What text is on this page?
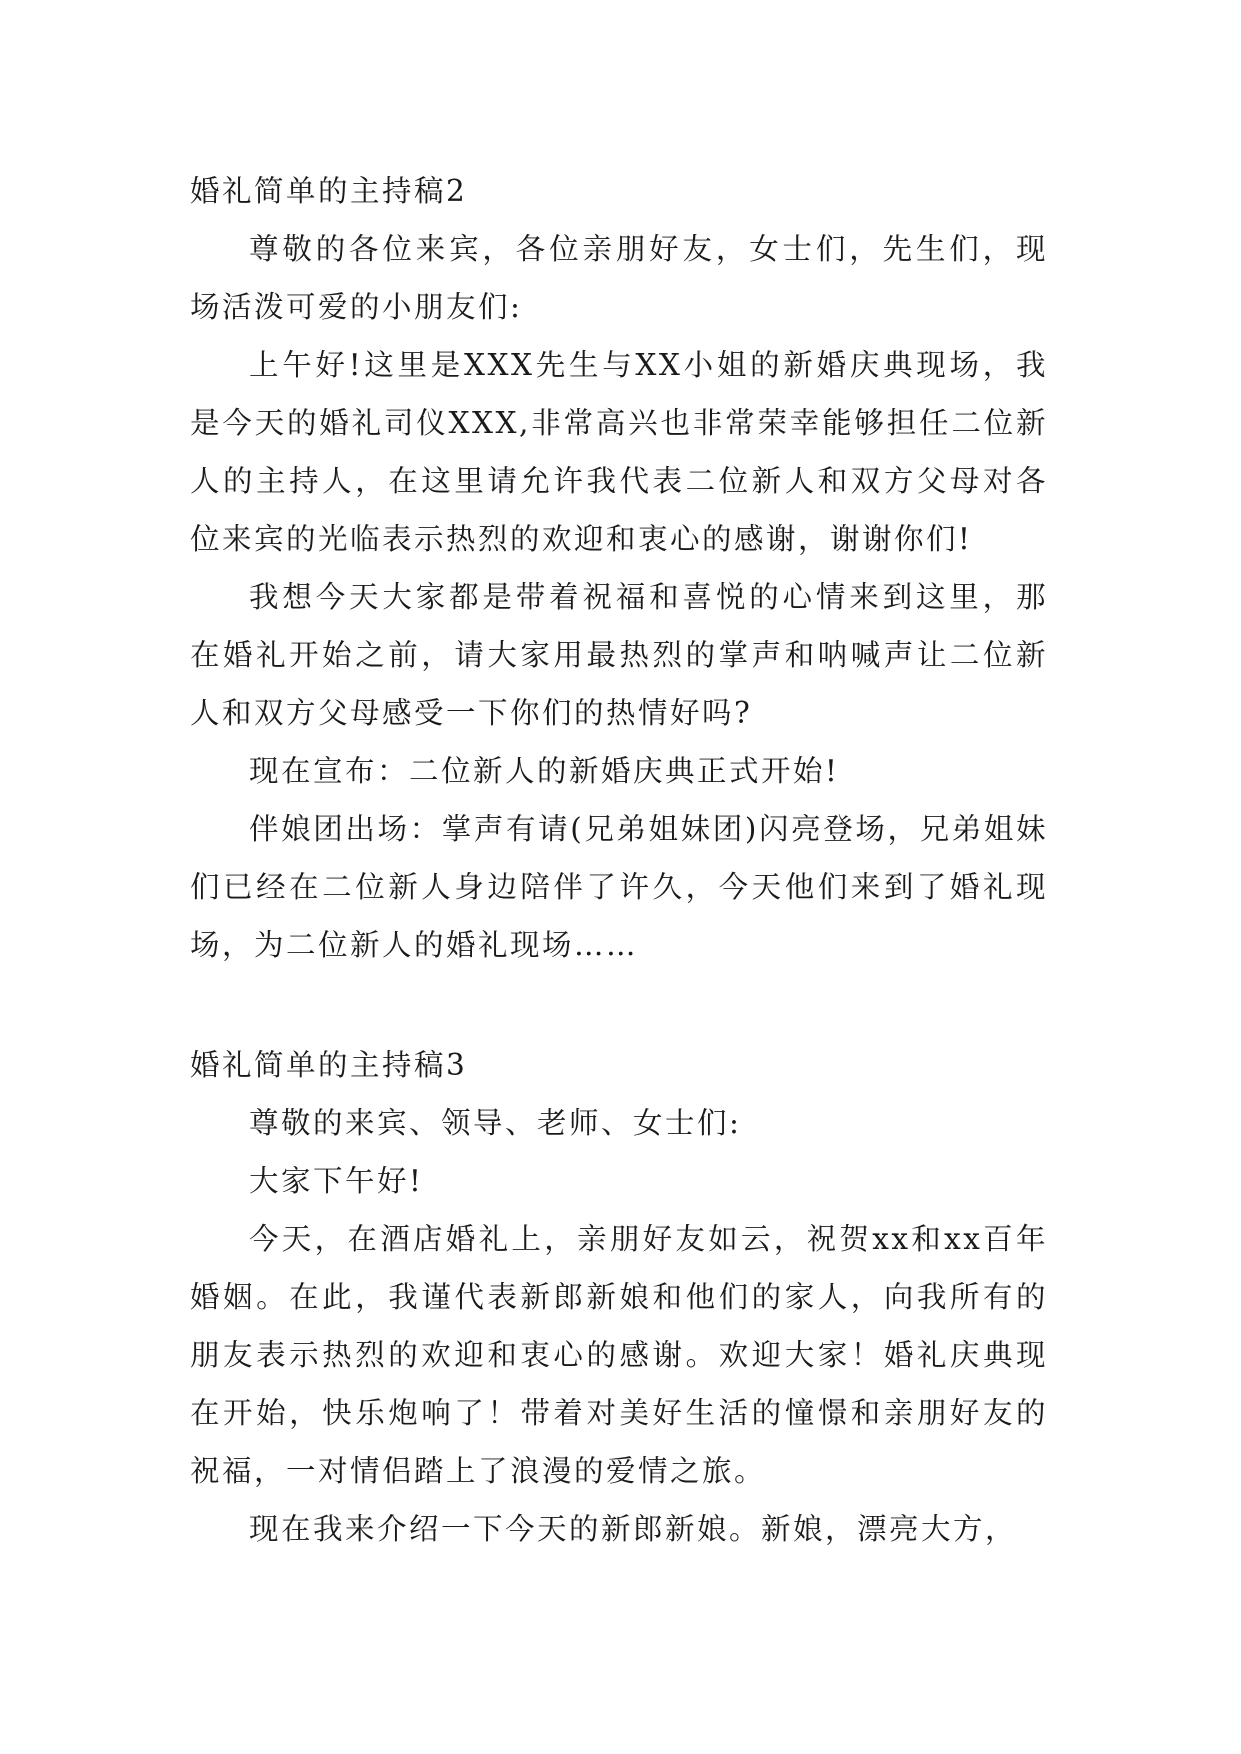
婚礼简单的主持稿2

尊敬的各位来宾，各位亲朋好友，女士们，先生们，现场活泼可爱的小朋友们:

上午好!这里是XXX先生与XX小姐的新婚庆典现场，我是今天的婚礼司仪XXX,非常高兴也非常荣幸能够担任二位新人的主持人，在这里请允许我代表二位新人和双方父母对各位来宾的光临表示热烈的欢迎和衷心的感谢，谢谢你们!

我想今天大家都是带着祝福和喜悦的心情来到这里，那在婚礼开始之前，请大家用最热烈的掌声和呐喊声让二位新人和双方父母感受一下你们的热情好吗?

现在宣布：二位新人的新婚庆典正式开始!

伴娘团出场：掌声有请(兄弟姐妹团)闪亮登场，兄弟姐妹们已经在二位新人身边陪伴了许久，今天他们来到了婚礼现场，为二位新人的婚礼现场……

婚礼简单的主持稿3

尊敬的来宾、领导、老师、女士们:

大家下午好!

今天，在酒店婚礼上，亲朋好友如云，祝贺xx和xx百年婚姻。在此，我谨代表新郎新娘和他们的家人，向我所有的朋友表示热烈的欢迎和衷心的感谢。欢迎大家！婚礼庆典现在开始，快乐炮响了！带着对美好生活的憧憬和亲朋好友的祝福，一对情侣踏上了浪漫的爱情之旅。

现在我来介绍一下今天的新郎新娘。新娘，漂亮大方，
